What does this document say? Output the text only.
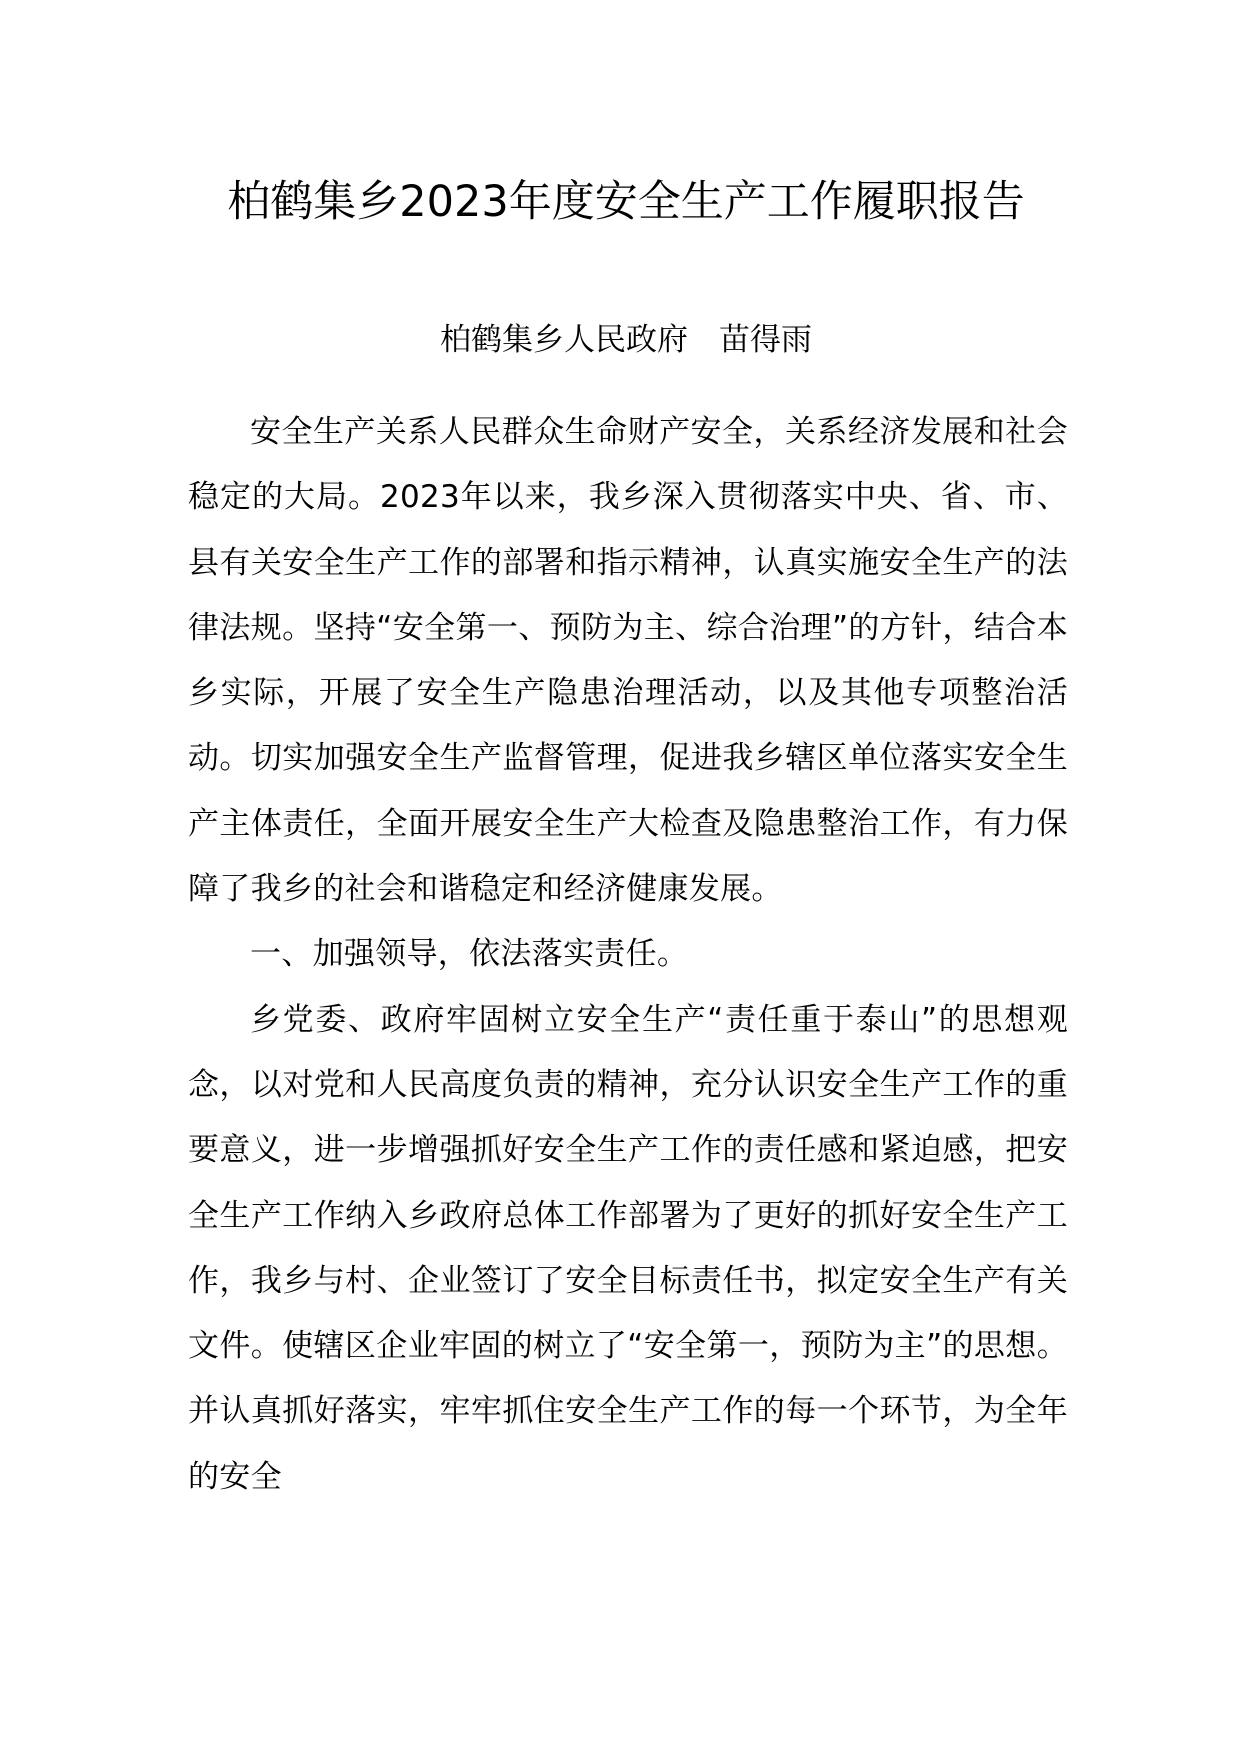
柏鹤集乡2023年度安全生产工作履职报告

柏鹤集乡人民政府　苗得雨

安全生产关系人民群众生命财产安全，关系经济发展和社会稳定的大局。2023年以来，我乡深入贯彻落实中央、省、市、县有关安全生产工作的部署和指示精神，认真实施安全生产的法律法规。坚持“安全第一、预防为主、综合治理”的方针，结合本乡实际，开展了安全生产隐患治理活动，以及其他专项整治活动。切实加强安全生产监督管理，促进我乡辖区单位落实安全生产主体责任，全面开展安全生产大检查及隐患整治工作，有力保障了我乡的社会和谐稳定和经济健康发展。

一、加强领导，依法落实责任。

乡党委、政府牢固树立安全生产“责任重于泰山”的思想观念，以对党和人民高度负责的精神，充分认识安全生产工作的重要意义，进一步增强抓好安全生产工作的责任感和紧迫感，把安全生产工作纳入乡政府总体工作部署为了更好的抓好安全生产工作，我乡与村、企业签订了安全目标责任书，拟定安全生产有关文件。使辖区企业牢固的树立了“安全第一，预防为主”的思想。并认真抓好落实，牢牢抓住安全生产工作的每一个环节，为全年的安全
